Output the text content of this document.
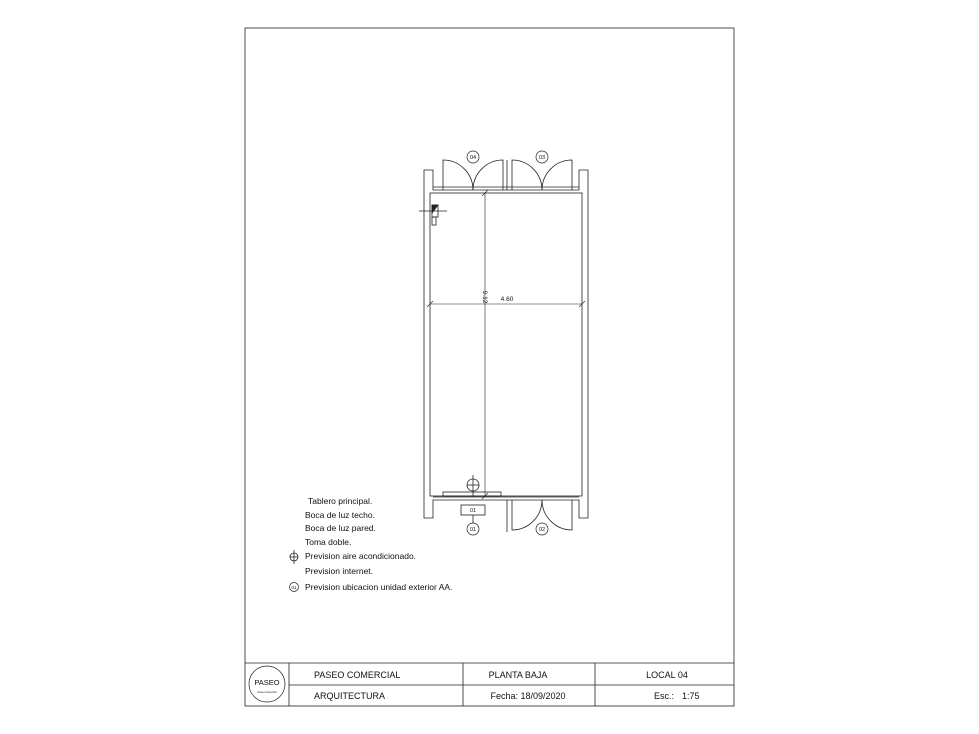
04	03
01	02
4.60
9.12
01
Tablero principal.
Boca de luz techo.
Boca de luz pared.
Toma doble.
Prevision aire acondicionado.
Prevision internet.
01 Prevision ubicacion unidad exterior AA.
PASEO
Paseo Comercial
PASEO COMERCIAL
ARQUITECTURA
PLANTA BAJA
Fecha: 18/09/2020
LOCAL 04
Esc.: 1:75
